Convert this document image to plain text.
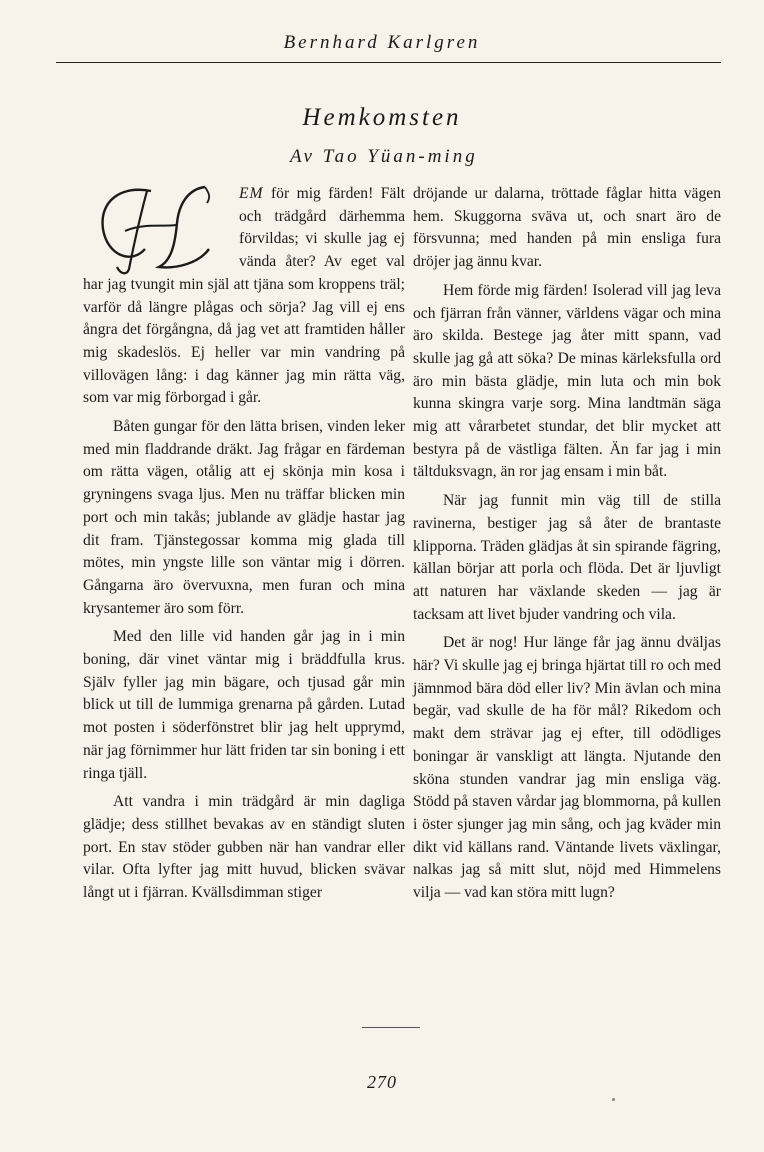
Bernhard Karlgren
Hemkomsten
Av Tao Yüan-ming

H
EM för mig färden! Fält och trädgård därhemma förvildas; vi skulle jag ej vända åter? Av eget val har jag tvungit min själ att tjäna som kroppens träl; varför då längre plågas och sörja? Jag vill ej ens ångra det förgångna, då jag vet att framtiden håller mig skadeslös. Ej heller var min vandring på villovägen lång: i dag känner jag min rätta väg, som var mig förborgad i går.

Båten gungar för den lätta brisen, vinden leker med min fladdrande dräkt. Jag frågar en färdeman om rätta vägen, otålig att ej skönja min kosa i gryningens svaga ljus. Men nu träffar blicken min port och min takås; jublande av glädje hastar jag dit fram. Tjänstegossar komma mig glada till mötes, min yngste lille son väntar mig i dörren. Gångarna äro övervuxna, men furan och mina krysantemer äro som förr.

Med den lille vid handen går jag in i min boning, där vinet väntar mig i bräddfulla krus. Själv fyller jag min bägare, och tjusad går min blick ut till de lummiga grenarna på gården. Lutad mot posten i söderfönstret blir jag helt upprymd, när jag förnimmer hur lätt friden tar sin boning i ett ringa tjäll.

Att vandra i min trädgård är min dagliga glädje; dess stillhet bevakas av en ständigt sluten port. En stav stöder gubben när han vandrar eller vilar. Ofta lyfter jag mitt huvud, blicken svävar långt ut i fjärran. Kvällsdimman stiger

dröjande ur dalarna, tröttade fåglar hitta vägen hem. Skuggorna sväva ut, och snart äro de försvunna; med handen på min ensliga fura dröjer jag ännu kvar.

Hem förde mig färden! Isolerad vill jag leva och fjärran från vänner, världens vägar och mina äro skilda. Bestege jag åter mitt spann, vad skulle jag gå att söka? De minas kärleksfulla ord äro min bästa glädje, min luta och min bok kunna skingra varje sorg. Mina landtmän säga mig att vårarbetet stundar, det blir mycket att bestyra på de västliga fälten. Än far jag i min tältduksvagn, än ror jag ensam i min båt.

När jag funnit min väg till de stilla ravinerna, bestiger jag så åter de brantaste klipporna. Träden glädjas åt sin spirande fägring, källan börjar att porla och flöda. Det är ljuvligt att naturen har växlande skeden — jag är tacksam att livet bjuder vandring och vila.

Det är nog! Hur länge får jag ännu dväljas här? Vi skulle jag ej bringa hjärtat till ro och med jämnmod bära död eller liv? Min ävlan och mina begär, vad skulle de ha för mål? Rikedom och makt dem strävar jag ej efter, till odödliges boningar är vanskligt att längta. Njutande den sköna stunden vandrar jag min ensliga väg. Stödd på staven vårdar jag blommorna, på kullen i öster sjunger jag min sång, och jag kväder min dikt vid källans rand. Väntande livets växlingar, nalkas jag så mitt slut, nöjd med Himmelens vilja — vad kan störa mitt lugn?

270
